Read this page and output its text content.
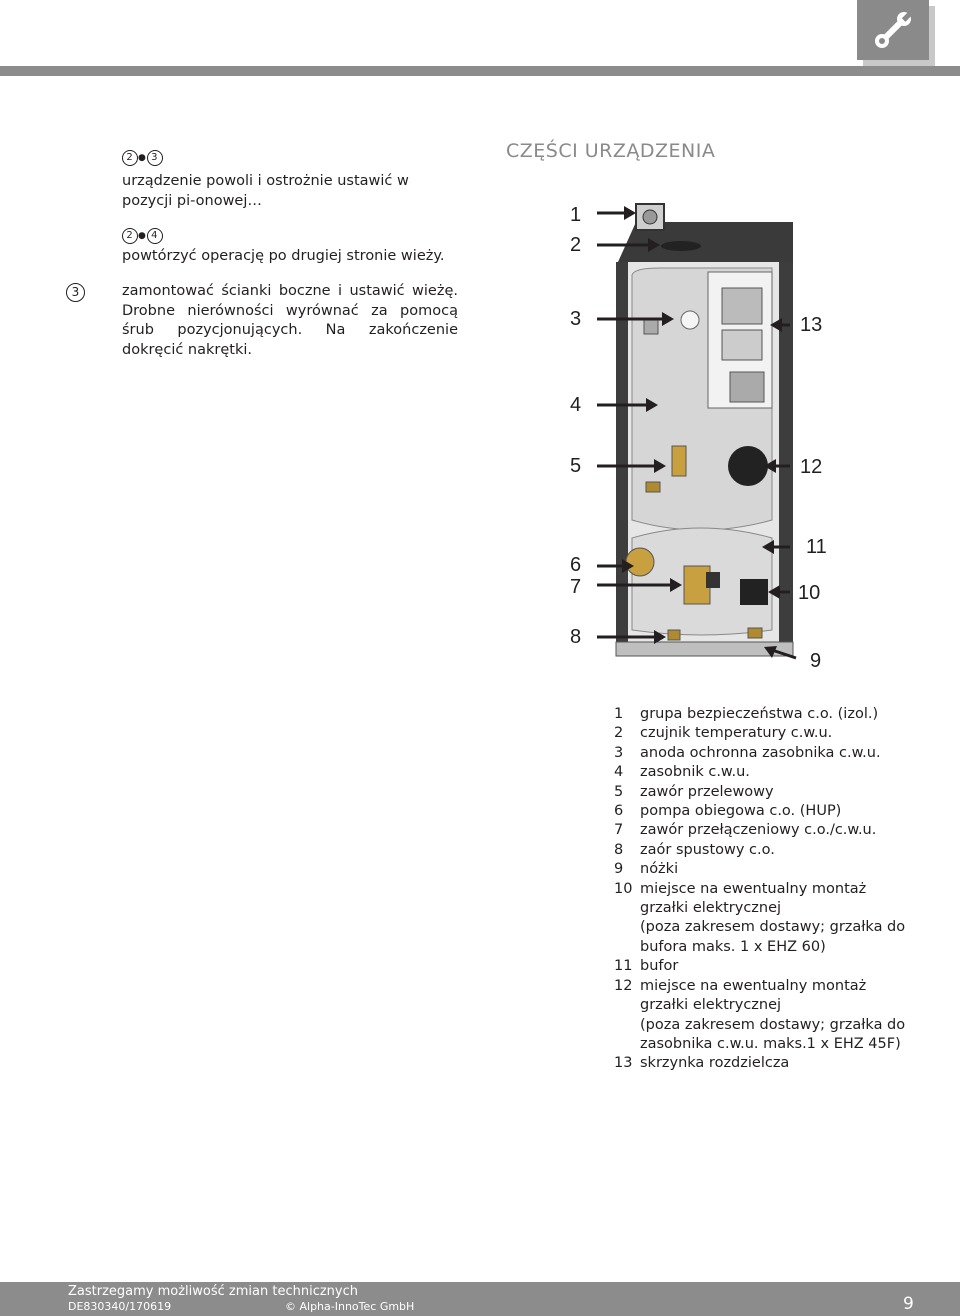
2 ● 3
urządzenie powoli i ostrożnie ustawić w pozycji pi-onowej…
2 ● 4
powtórzyć operację po drugiej stronie wieży.
3	zamontować ścianki boczne i ustawić wieżę. Drobne nierówności wyrównać za pomocą śrub pozycjonujących. Na zakończenie dokręcić nakrętki.
CZĘŚCI URZĄDZENIA
1
2
3
4
5
6
7
8
9
10
11
12
13
1	grupa bezpieczeństwa c.o. (izol.)
2	czujnik temperatury c.w.u.
3	anoda ochronna zasobnika c.w.u.
4	zasobnik c.w.u.
5	zawór przelewowy
6	pompa obiegowa c.o. (HUP)
7	zawór przełączeniowy c.o./c.w.u.
8	zaór spustowy c.o.
9	nóżki
10 miejsce na ewentualny montaż
grzałki elektrycznej
(poza zakresem dostawy; grzałka do
bufora maks. 1 x EHZ 60)
11 bufor
12 miejsce na ewentualny montaż
grzałki elektrycznej
(poza zakresem dostawy; grzałka do
zasobnika c.w.u. maks.1 x EHZ 45F)
13 skrzynka rozdzielcza
Zastrzegamy możliwość zmian technicznych
DE830340/170619	© Alpha-InnoTec GmbH	9
